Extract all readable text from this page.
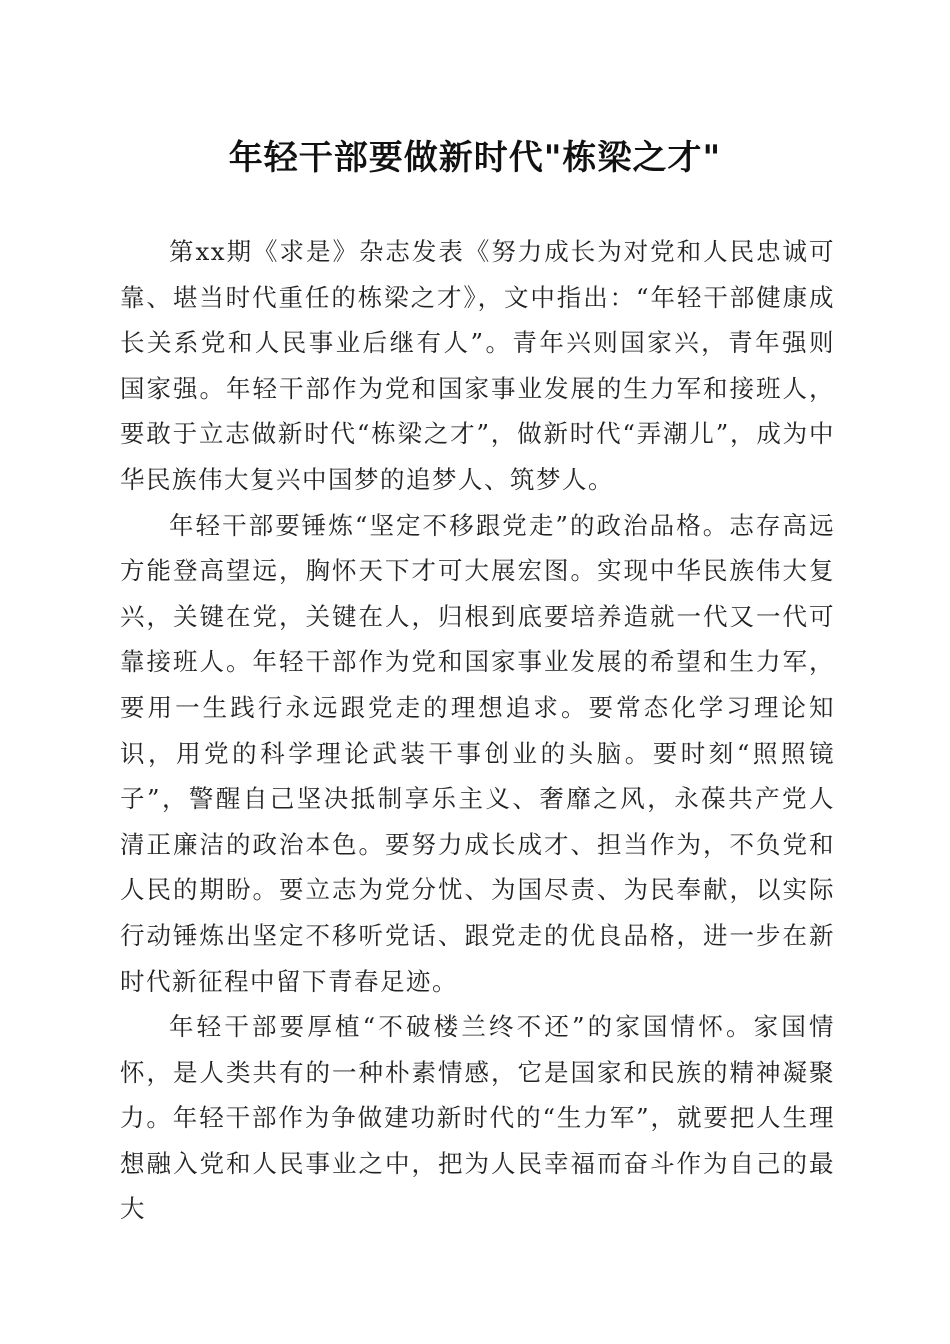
年轻干部要做新时代"栋梁之才"

第xx期《求是》杂志发表《努力成长为对党和人民忠诚可靠、堪当时代重任的栋梁之才》，文中指出：“年轻干部健康成长关系党和人民事业后继有人”。青年兴则国家兴，青年强则国家强。年轻干部作为党和国家事业发展的生力军和接班人，要敢于立志做新时代“栋梁之才”，做新时代“弄潮儿”，成为中华民族伟大复兴中国梦的追梦人、筑梦人。

年轻干部要锤炼“坚定不移跟党走”的政治品格。志存高远方能登高望远，胸怀天下才可大展宏图。实现中华民族伟大复兴，关键在党，关键在人，归根到底要培养造就一代又一代可靠接班人。年轻干部作为党和国家事业发展的希望和生力军，要用一生践行永远跟党走的理想追求。要常态化学习理论知识，用党的科学理论武装干事创业的头脑。要时刻“照照镜子”，警醒自己坚决抵制享乐主义、奢靡之风，永葆共产党人清正廉洁的政治本色。要努力成长成才、担当作为，不负党和人民的期盼。要立志为党分忧、为国尽责、为民奉献，以实际行动锤炼出坚定不移听党话、跟党走的优良品格，进一步在新时代新征程中留下青春足迹。

年轻干部要厚植“不破楼兰终不还”的家国情怀。家国情怀，是人类共有的一种朴素情感，它是国家和民族的精神凝聚力。年轻干部作为争做建功新时代的“生力军”，就要把人生理想融入党和人民事业之中，把为人民幸福而奋斗作为自己的最大
